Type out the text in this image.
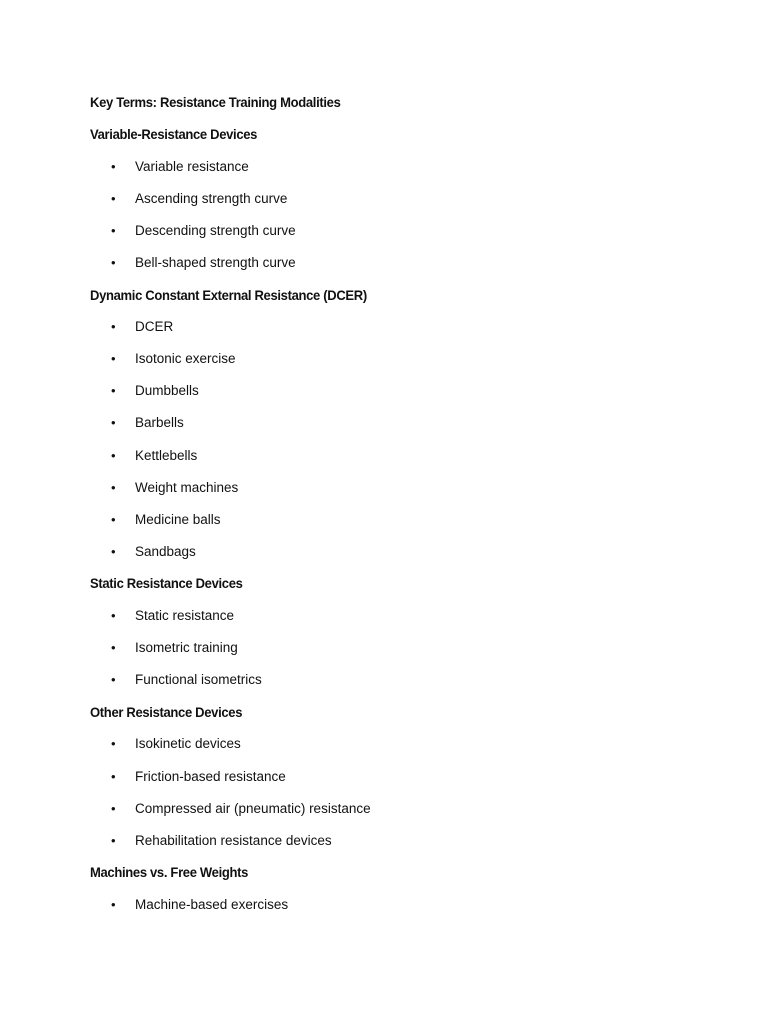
Key Terms: Resistance Training Modalities
Variable-Resistance Devices
•	Variable resistance
•	Ascending strength curve
•	Descending strength curve
•	Bell-shaped strength curve
Dynamic Constant External Resistance (DCER)
•	DCER
•	Isotonic exercise
•	Dumbbells
•	Barbells
•	Kettlebells
•	Weight machines
•	Medicine balls
•	Sandbags
Static Resistance Devices
•	Static resistance
•	Isometric training
•	Functional isometrics
Other Resistance Devices
•	Isokinetic devices
•	Friction-based resistance
•	Compressed air (pneumatic) resistance
•	Rehabilitation resistance devices
Machines vs. Free Weights
•	Machine-based exercises
